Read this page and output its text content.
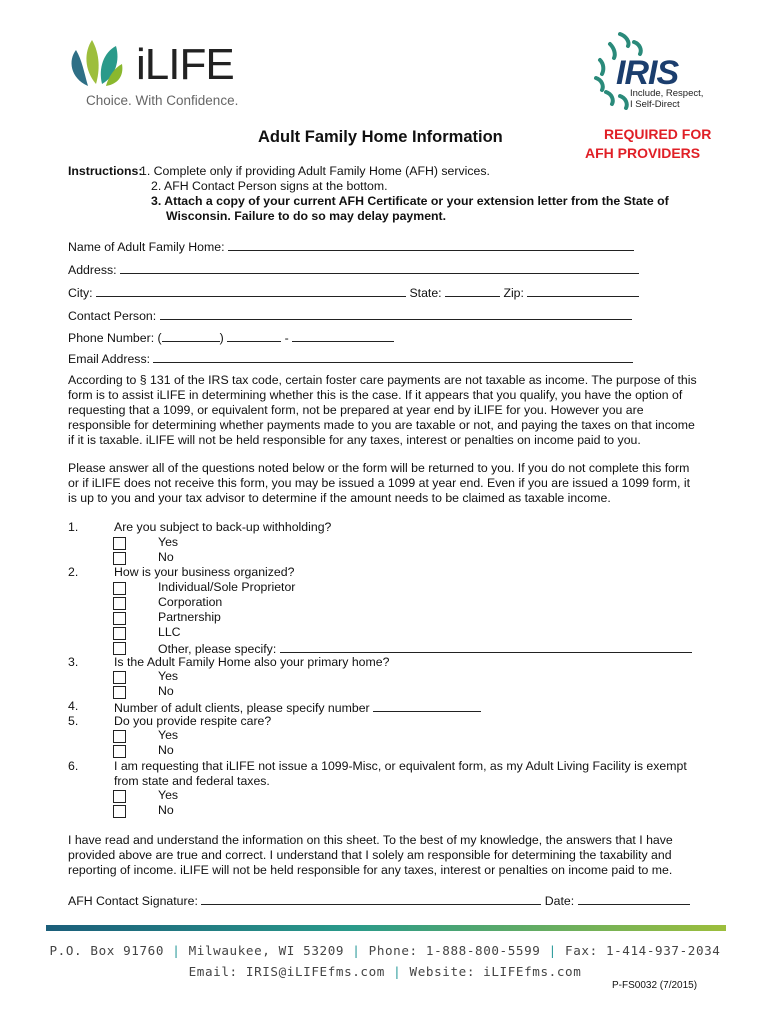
iLIFE
Choice. With Confidence.
IRIS
Include, Respect,
I Self-Direct
Adult Family Home Information	REQUIRED FOR
AFH PROVIDERS
Instructions:
1. Complete only if providing Adult Family Home (AFH) services.
2. AFH Contact Person signs at the bottom.
3. Attach a copy of your current AFH Certificate or your extension letter from the State of
Wisconsin. Failure to do so may delay payment.
Name of Adult Family Home:
Address:
City:	State:	Zip:
Contact Person:
Phone Number: (	)	-
Email Address:
According to § 131 of the IRS tax code, certain foster care payments are not taxable as income. The purpose of this form is to assist iLIFE in determining whether this is the case. If it appears that you qualify, you have the option of requesting that a 1099, or equivalent form, not be prepared at year end by iLIFE for you. However you are responsible for determining whether payments made to you are taxable or not, and paying the taxes on that income if it is taxable. iLIFE will not be held responsible for any taxes, interest or penalties on income paid to you.
Please answer all of the questions noted below or the form will be returned to you. If you do not complete this form or if iLIFE does not receive this form, you may be issued a 1099 at year end. Even if you are issued a 1099 form, it is up to you and your tax advisor to determine if the amount needs to be claimed as taxable income.
1.	Are you subject to back-up withholding?
Yes
No
2.	How is your business organized?
Individual/Sole Proprietor
Corporation
Partnership
LLC
Other, please specify:
3.	Is the Adult Family Home also your primary home?
Yes
No
4.	Number of adult clients, please specify number
5.	Do you provide respite care?
Yes
No
6.	I am requesting that iLIFE not issue a 1099-Misc, or equivalent form, as my Adult Living Facility is exempt
from state and federal taxes.
Yes
No
I have read and understand the information on this sheet. To the best of my knowledge, the answers that I have provided above are true and correct. I understand that I solely am responsible for determining the taxability and reporting of income. iLIFE will not be held responsible for any taxes, interest or penalties on income paid to me.
AFH Contact Signature:	Date:
P.O. Box 91760 | Milwaukee, WI 53209 | Phone: 1-888-800-5599 | Fax: 1-414-937-2034
Email: IRIS@iLIFEfms.com | Website: iLIFEfms.com
P-FS0032 (7/2015)
